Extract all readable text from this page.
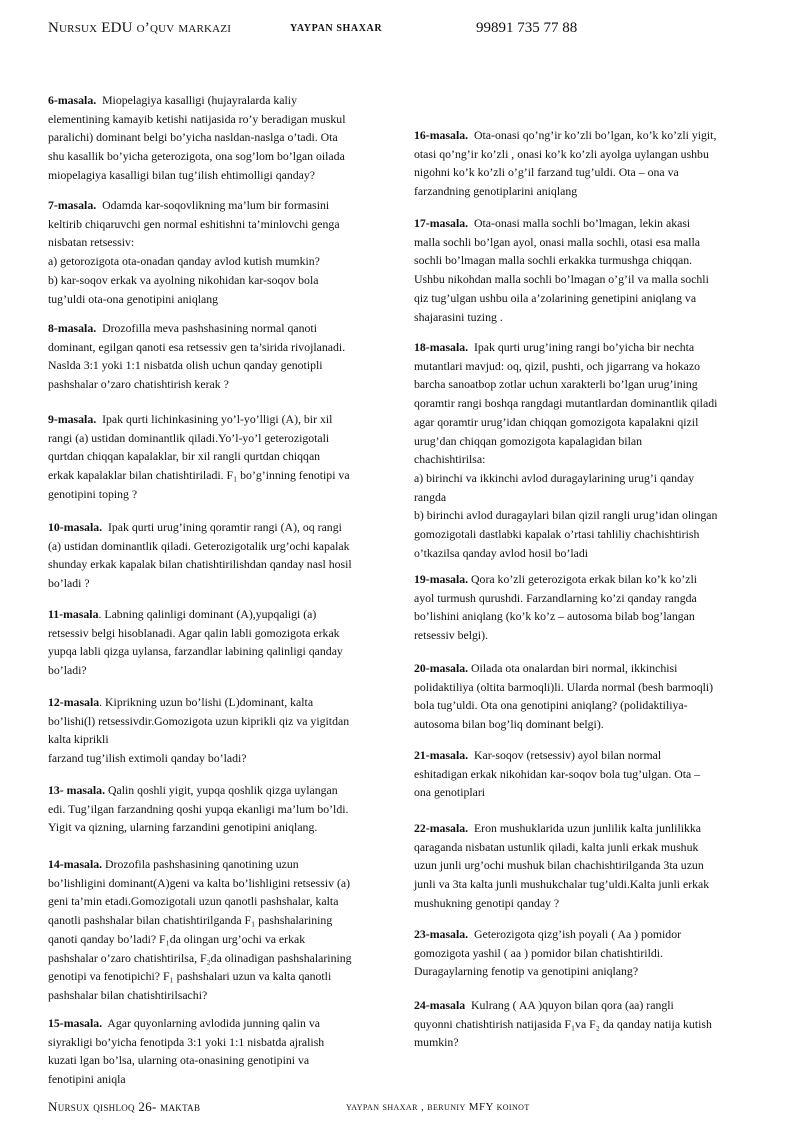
Nursux EDU o’quv markazi	YAYPAN SHAXAR	99891 735 77 88
6-masala.  Miopelagiya kasalligi (hujayralarda kaliy
elementining kamayib ketishi natijasida ro’y beradigan muskul
paralichi) dominant belgi bo’yicha nasldan-naslga o’tadi. Ota
shu kasallik bo’yicha geterozigota, ona sog’lom bo’lgan oilada
miopelagiya kasalligi bilan tug’ilish ehtimolligi qanday?
7-masala.  Odamda kar-soqovlikning ma’lum bir formasini
keltirib chiqaruvchi gen normal eshitishni ta’minlovchi genga
nisbatan retsessiv:
a) getorozigota ota-onadan qanday avlod kutish mumkin?
b) kar-soqov erkak va ayolning nikohidan kar-soqov bola
tug’uldi ota-ona genotipini aniqlang
8-masala.  Drozofilla meva pashshasining normal qanoti
dominant, egilgan qanoti esa retsessiv gen ta’sirida rivojlanadi.
Naslda 3:1 yoki 1:1 nisbatda olish uchun qanday genotipli
pashshalar o’zaro chatishtirish kerak ?
9-masala.  Ipak qurti lichinkasining yo’l-yo’lligi (A), bir xil
rangi (a) ustidan dominantlik qiladi.Yo’l-yo’l geterozigotali
qurtdan chiqqan kapalaklar, bir xil rangli qurtdan chiqqan
erkak kapalaklar bilan chatishtiriladi. F₁ bo’g’inning fenotipi va
genotipini toping ?
10-masala.  Ipak qurti urug’ining qoramtir rangi (A), oq rangi
(a) ustidan dominantlik qiladi. Geterozigotalik urg’ochi kapalak
shunday erkak kapalak bilan chatishtirilishdan qanday nasl hosil
bo’ladi ?
11-masala. Labning qalinligi dominant (A),yupqaligi (a)
retsessiv belgi hisoblanadi. Agar qalin labli gomozigota erkak
yupqa labli qizga uylansa, farzandlar labining qalinligi qanday
bo’ladi?
12-masala. Kiprikning uzun bo’lishi (L)dominant, kalta
bo’lishi(l) retsessivdir.Gomozigota uzun kiprikli qiz va yigitdan
kalta kiprikli
farzand tug’ilish extimoli qanday bo’ladi?
13- masala. Qalin qoshli yigit, yupqa qoshlik qizga uylangan
edi. Tug’ilgan farzandning qoshi yupqa ekanligi ma’lum bo’ldi.
Yigit va qizning, ularning farzandini genotipini aniqlang.
14-masala. Drozofila pashshasining qanotining uzun
bo’lishligini dominant(A)geni va kalta bo’lishligini retsessiv (a)
geni ta’min etadi.Gomozigotali uzun qanotli pashshalar, kalta
qanotli pashshalar bilan chatishtirilganda F₁ pashshalarining
qanoti qanday bo’ladi? F₁da olingan urg’ochi va erkak
pashshalar o’zaro chatishtirilsa, F₂da olinadigan pashshalarining
genotipi va fenotipichi? F₁ pashshalari uzun va kalta qanotli
pashshalar bilan chatishtirilsachi?
15-masala.  Agar quyonlarning avlodida junning qalin va
siyrakligi bo’yicha fenotipda 3:1 yoki 1:1 nisbatda ajralish
kuzati lgan bo’lsa, ularning ota-onasining genotipini va
fenotipini aniqla
16-masala.  Ota-onasi qo’ng’ir ko’zli bo’lgan, ko’k ko’zli yigit,
otasi qo’ng’ir ko’zli , onasi ko’k ko’zli ayolga uylangan ushbu
nigohni ko’k ko’zli o’g’il farzand tug’uldi. Ota – ona va
farzandning genotiplarini aniqlang
17-masala.  Ota-onasi malla sochli bo’lmagan, lekin akasi
malla sochli bo’lgan ayol, onasi malla sochli, otasi esa malla
sochli bo’lmagan malla sochli erkakka turmushga chiqqan.
Ushbu nikohdan malla sochli bo’lmagan o’g’il va malla sochli
qiz tug’ulgan ushbu oila a’zolarining genetipini aniqlang va
shajarasini tuzing .
18-masala.  Ipak qurti urug’ining rangi bo’yicha bir nechta
mutantlari mavjud: oq, qizil, pushti, och jigarrang va hokazo
barcha sanoatbop zotlar uchun xarakterli bo’lgan urug’ining
qoramtir rangi boshqa rangdagi mutantlardan dominantlik qiladi
agar qoramtir urug’idan chiqqan gomozigota kapalakni qizil
urug’dan chiqqan gomozigota kapalagidan bilan
chachishtirilsa:
a) birinchi va ikkinchi avlod duragaylarining urug’i qanday
rangda
b) birinchi avlod duragaylari bilan qizil rangli urug’idan olingan
gomozigotali dastlabki kapalak o’rtasi tahliliy chachishtirish
o’tkazilsa qanday avlod hosil bo’ladi
19-masala. Qora ko’zli geterozigota erkak bilan ko’k ko’zli
ayol turmush qurushdi. Farzandlarning ko’zi qanday rangda
bo’lishini aniqlang (ko’k ko’z – autosoma bilab bog’langan
retsessiv belgi).
20-masala. Oilada ota onalardan biri normal, ikkinchisi
polidaktiliya (oltita barmoqli)li. Ularda normal (besh barmoqli)
bola tug’uldi. Ota ona genotipini aniqlang? (polidaktiliya-
autosoma bilan bog’liq dominant belgi).
21-masala.  Kar-soqov (retsessiv) ayol bilan normal
eshitadigan erkak nikohidan kar-soqov bola tug’ulgan. Ota –
ona genotiplari
22-masala.  Eron mushuklarida uzun junlilik kalta junlilikka
qaraganda nisbatan ustunlik qiladi, kalta junli erkak mushuk
uzun junli urg’ochi mushuk bilan chachishtirilganda 3ta uzun
junli va 3ta kalta junli mushukchalar tug’uldi.Kalta junli erkak
mushukning genotipi qanday ?
23-masala.  Geterozigota qizg’ish poyali ( Aa ) pomidor
gomozigota yashil ( aa ) pomidor bilan chatishtirildi.
Duragaylarning fenotip va genotipini aniqlang?
24-masala  Kulrang ( AA )quyon bilan qora (aa) rangli
quyonni chatishtirish natijasida F₁va F₂ da qanday natija kutish
mumkin?
Nursux qishloq 26- maktab	yaypan shaxar , beruniy MFY koinot
